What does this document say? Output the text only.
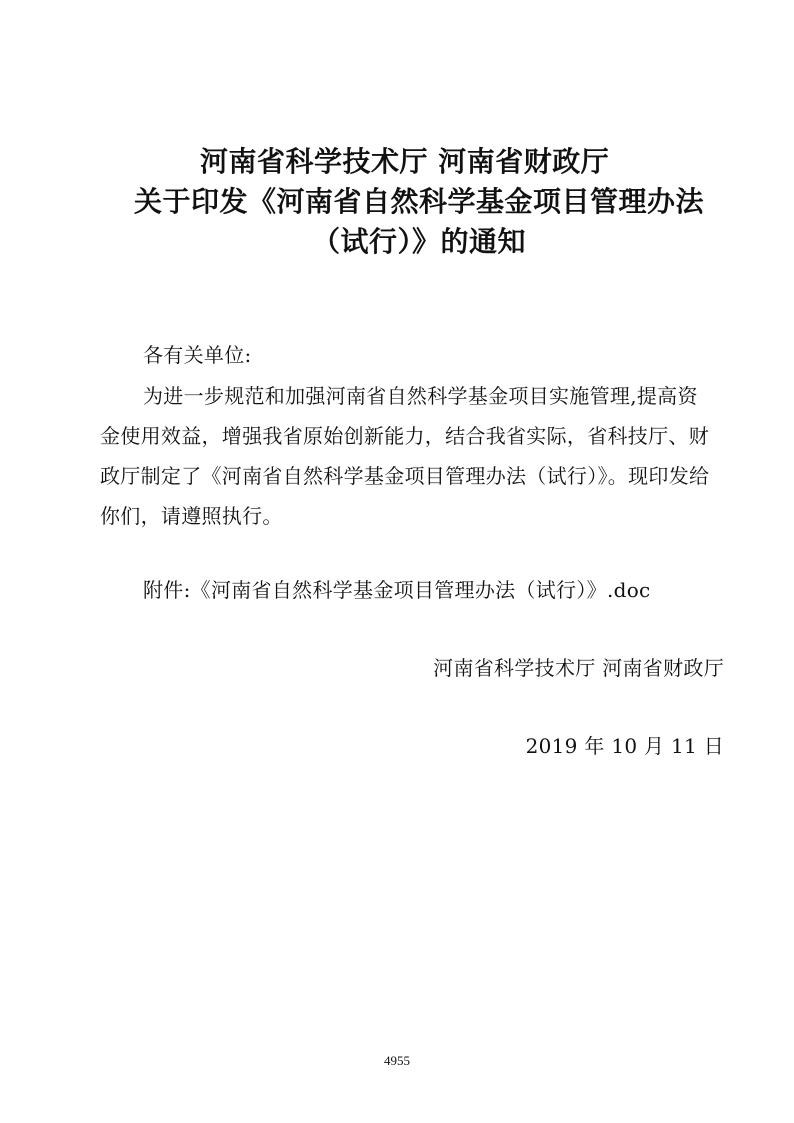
河南省科学技术厅 河南省财政厅
关于印发《河南省自然科学基金项目管理办法
（试行）》的通知
各有关单位:
为进一步规范和加强河南省自然科学基金项目实施管理,提高资
金使用效益，增强我省原始创新能力，结合我省实际，省科技厅、财
政厅制定了《河南省自然科学基金项目管理办法（试行）》。现印发给
你们，请遵照执行。
附件:《河南省自然科学基金项目管理办法（试行）》.doc
河南省科学技术厅 河南省财政厅
2019 年 10 月 11 日
4955
